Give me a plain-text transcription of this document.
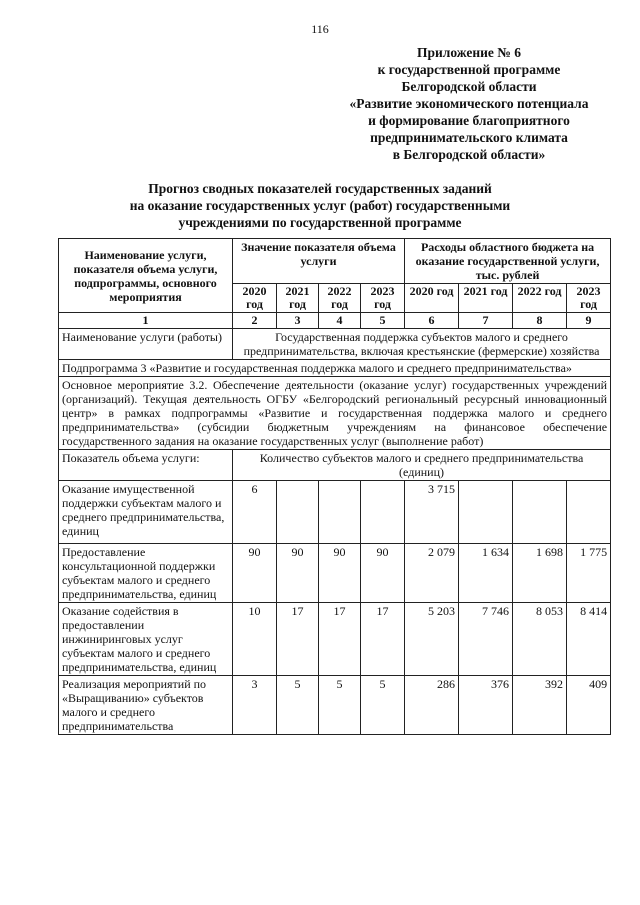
116
Приложение № 6
к государственной программе
Белгородской области
«Развитие экономического потенциала
и формирование благоприятного
предпринимательского климата
в Белгородской области»
Прогноз сводных показателей государственных заданий
на оказание государственных услуг (работ) государственными
учреждениями по государственной программе
Наименование услуги, показателя объема услуги, подпрограммы, основного мероприятия	Значение показателя объема услуги				Расходы областного бюджета на оказание государственной услуги, тыс. рублей			
	2020 год	2021 год	2022 год	2023 год	2020 год	2021 год	2022 год	2023 год
1	2	3	4	5	6	7	8	9
Наименование услуги (работы)	Государственная поддержка субъектов малого и среднего предпринимательства, включая крестьянские (фермерские) хозяйства							
Подпрограмма 3 «Развитие и государственная поддержка малого и среднего предпринимательства»								
Основное мероприятие 3.2. Обеспечение деятельности (оказание услуг) государственных учреждений (организаций). Текущая деятельность ОГБУ «Белгородский региональный ресурсный инновационный центр» в рамках подпрограммы «Развитие и государственная поддержка малого и среднего предпринимательства» (субсидии бюджетным учреждениям на финансовое обеспечение государственного задания на оказание государственных услуг (выполнение работ)								
Показатель объема услуги:	Количество субъектов малого и среднего предпринимательства (единиц)							
Оказание имущественной поддержки субъектам малого и среднего предпринимательства, единиц	6				3 715			
Предоставление консультационной поддержки субъектам малого и среднего предпринимательства, единиц	90	90	90	90	2 079	1 634	1 698	1 775
Оказание содействия в предоставлении инжиниринговых услуг субъектам малого и среднего предпринимательства, единиц	10	17	17	17	5 203	7 746	8 053	8 414
Реализация мероприятий по «Выращиванию» субъектов малого и среднего предпринимательства	3	5	5	5	286	376	392	409
